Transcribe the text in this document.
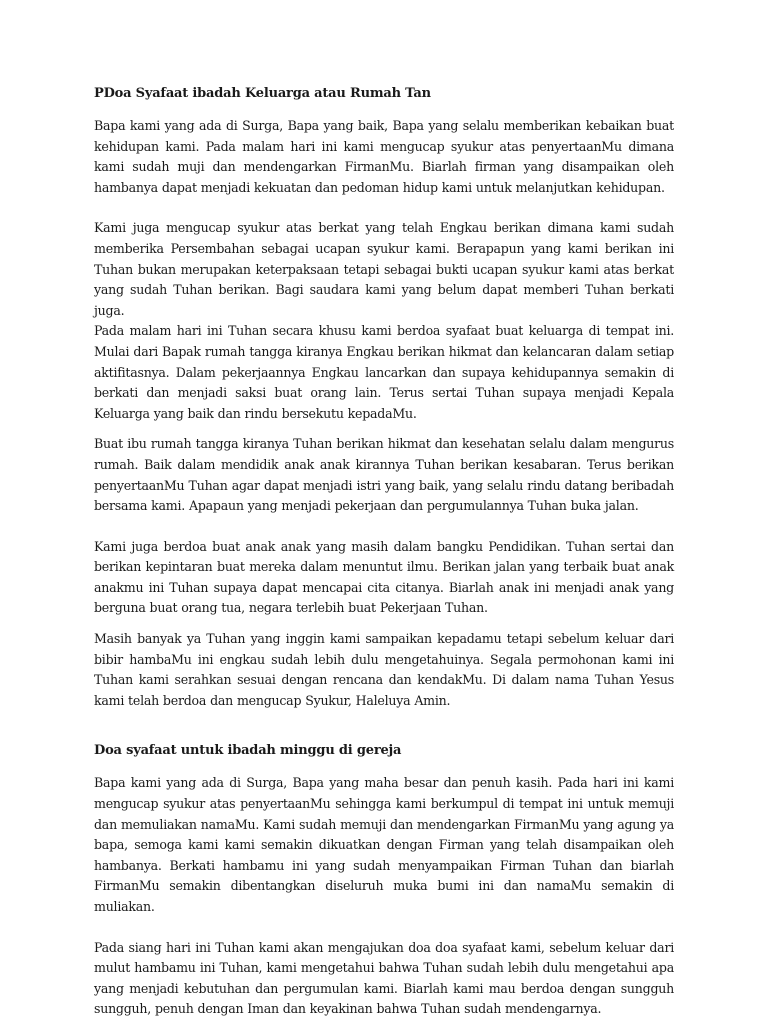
PDoa Syafaat ibadah Keluarga atau Rumah Tan

Bapa kami yang ada di Surga, Bapa yang baik, Bapa yang selalu memberikan kebaikan buat kehidupan kami. Pada malam hari ini kami mengucap syukur atas penyertaanMu dimana kami sudah muji dan mendengarkan FirmanMu. Biarlah firman yang disampaikan oleh hambanya dapat menjadi kekuatan dan pedoman hidup kami untuk melanjutkan kehidupan.

Kami juga mengucap syukur atas berkat yang telah Engkau berikan dimana kami sudah memberika Persembahan sebagai ucapan syukur kami. Berapapun yang kami berikan ini Tuhan bukan merupakan keterpaksaan tetapi sebagai bukti ucapan syukur kami atas berkat yang sudah Tuhan berikan. Bagi saudara kami yang belum dapat memberi Tuhan berkati juga.

Pada malam hari ini Tuhan secara khusu kami berdoa syafaat buat keluarga di tempat ini. Mulai dari Bapak rumah tangga kiranya Engkau berikan hikmat dan kelancaran dalam setiap aktifitasnya. Dalam pekerjaannya Engkau lancarkan dan supaya kehidupannya semakin di berkati dan menjadi saksi buat orang lain. Terus sertai Tuhan supaya menjadi Kepala Keluarga yang baik dan rindu bersekutu kepadaMu.

Buat ibu rumah tangga kiranya Tuhan berikan hikmat dan kesehatan selalu dalam mengurus rumah. Baik dalam mendidik anak anak kirannya Tuhan berikan kesabaran. Terus berikan penyertaanMu Tuhan agar dapat menjadi istri yang baik, yang selalu rindu datang beribadah bersama kami. Apapaun yang menjadi pekerjaan dan pergumulannya Tuhan buka jalan.

Kami juga berdoa buat anak anak yang masih dalam bangku Pendidikan. Tuhan sertai dan berikan kepintaran buat mereka dalam menuntut ilmu. Berikan jalan yang terbaik buat anak anakmu ini Tuhan supaya dapat mencapai cita citanya. Biarlah anak ini menjadi anak yang berguna buat orang tua, negara terlebih buat Pekerjaan Tuhan.

Masih banyak ya Tuhan yang inggin kami sampaikan kepadamu tetapi sebelum keluar dari bibir hambaMu ini engkau sudah lebih dulu mengetahuinya. Segala permohonan kami ini Tuhan kami serahkan sesuai dengan rencana dan kendakMu. Di dalam nama Tuhan Yesus kami telah berdoa dan mengucap Syukur, Haleluya Amin.

Doa syafaat untuk ibadah minggu di gereja

Bapa kami yang ada di Surga, Bapa yang maha besar dan penuh kasih. Pada hari ini kami mengucap syukur atas penyertaanMu sehingga kami berkumpul di tempat ini untuk memuji dan memuliakan namaMu. Kami sudah memuji dan mendengarkan FirmanMu yang agung ya bapa, semoga kami kami semakin dikuatkan dengan Firman yang telah disampaikan oleh hambanya. Berkati hambamu ini yang sudah menyampaikan Firman Tuhan dan biarlah FirmanMu semakin dibentangkan diseluruh muka bumi ini dan namaMu semakin di muliakan.

Pada siang hari ini Tuhan kami akan mengajukan doa doa syafaat kami, sebelum keluar dari mulut hambamu ini Tuhan, kami mengetahui bahwa Tuhan sudah lebih dulu mengetahui apa yang menjadi kebutuhan dan pergumulan kami. Biarlah kami mau berdoa dengan sungguh sungguh, penuh dengan Iman dan keyakinan bahwa Tuhan sudah mendengarnya.
